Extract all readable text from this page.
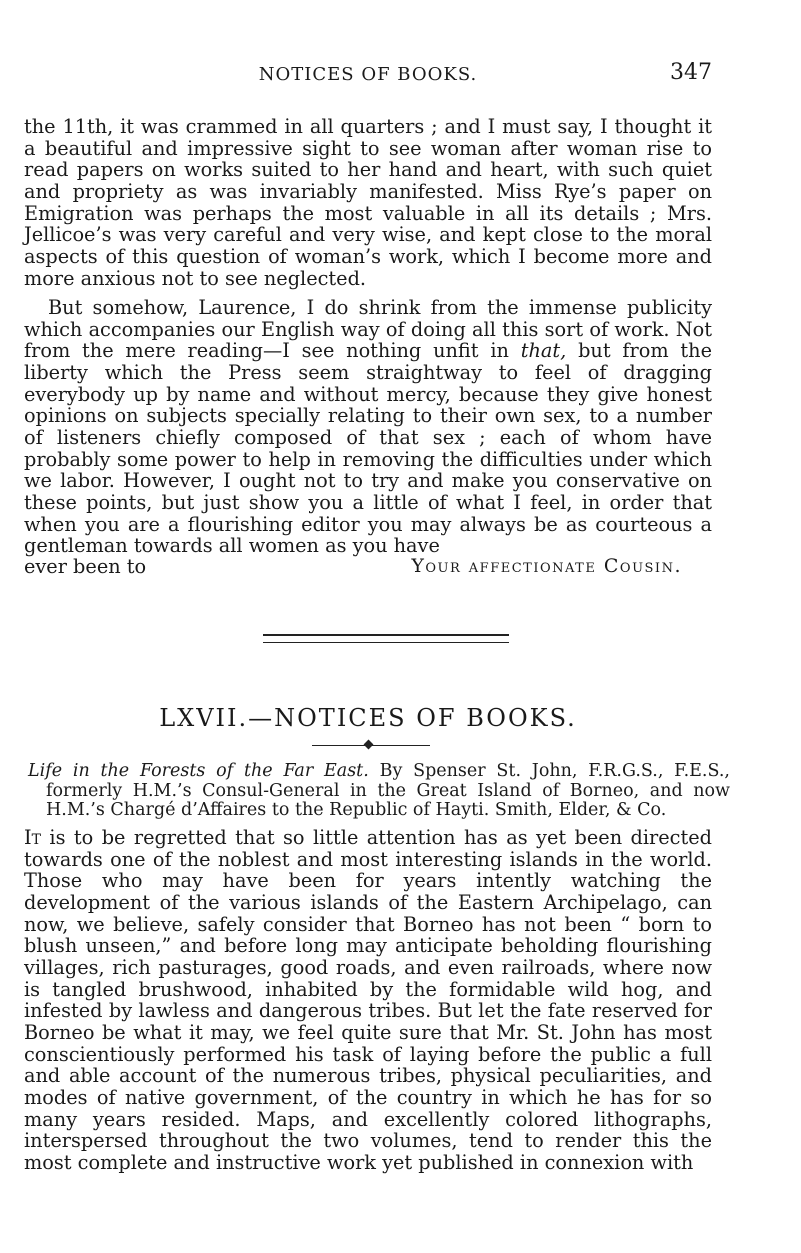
NOTICES OF BOOKS.	347

the 11th, it was crammed in all quarters ; and I must say, I thought it a beautiful and impressive sight to see woman after woman rise to read papers on works suited to her hand and heart, with such quiet and propriety as was invariably manifested. Miss Rye’s paper on Emigration was perhaps the most valuable in all its details ; Mrs. Jellicoe’s was very careful and very wise, and kept close to the moral aspects of this question of woman’s work, which I become more and more anxious not to see neglected.

But somehow, Laurence, I do shrink from the immense publicity which accompanies our English way of doing all this sort of work. Not from the mere reading—I see nothing unfit in that, but from the liberty which the Press seem straightway to feel of dragging everybody up by name and without mercy, because they give honest opinions on subjects specially relating to their own sex, to a number of listeners chiefly composed of that sex ; each of whom have probably some power to help in removing the difficulties under which we labor. However, I ought not to try and make you conservative on these points, but just show you a little of what I feel, in order that when you are a flourishing editor you may always be as courteous a gentleman towards all women as you have

ever been to	Your affectionate Cousin.
LXVII.—NOTICES OF BOOKS.

Life in the Forests of the Far East. By Spenser St. John, F.R.G.S., F.E.S., formerly H.M.’s Consul-General in the Great Island of Borneo, and now H.M.’s Chargé d’Affaires to the Republic of Hayti. Smith, Elder, & Co.

It is to be regretted that so little attention has as yet been directed towards one of the noblest and most interesting islands in the world. Those who may have been for years intently watching the development of the various islands of the Eastern Archipelago, can now, we believe, safely consider that Borneo has not been “ born to blush unseen,” and before long may anticipate beholding flourishing villages, rich pasturages, good roads, and even railroads, where now is tangled brushwood, inhabited by the formidable wild hog, and infested by lawless and dangerous tribes. But let the fate reserved for Borneo be what it may, we feel quite sure that Mr. St. John has most conscientiously performed his task of laying before the public a full and able account of the numerous tribes, physical peculiarities, and modes of native government, of the country in which he has for so many years resided. Maps, and excellently colored lithographs, interspersed throughout the two volumes, tend to render this the most complete and instructive work yet published in connexion with
